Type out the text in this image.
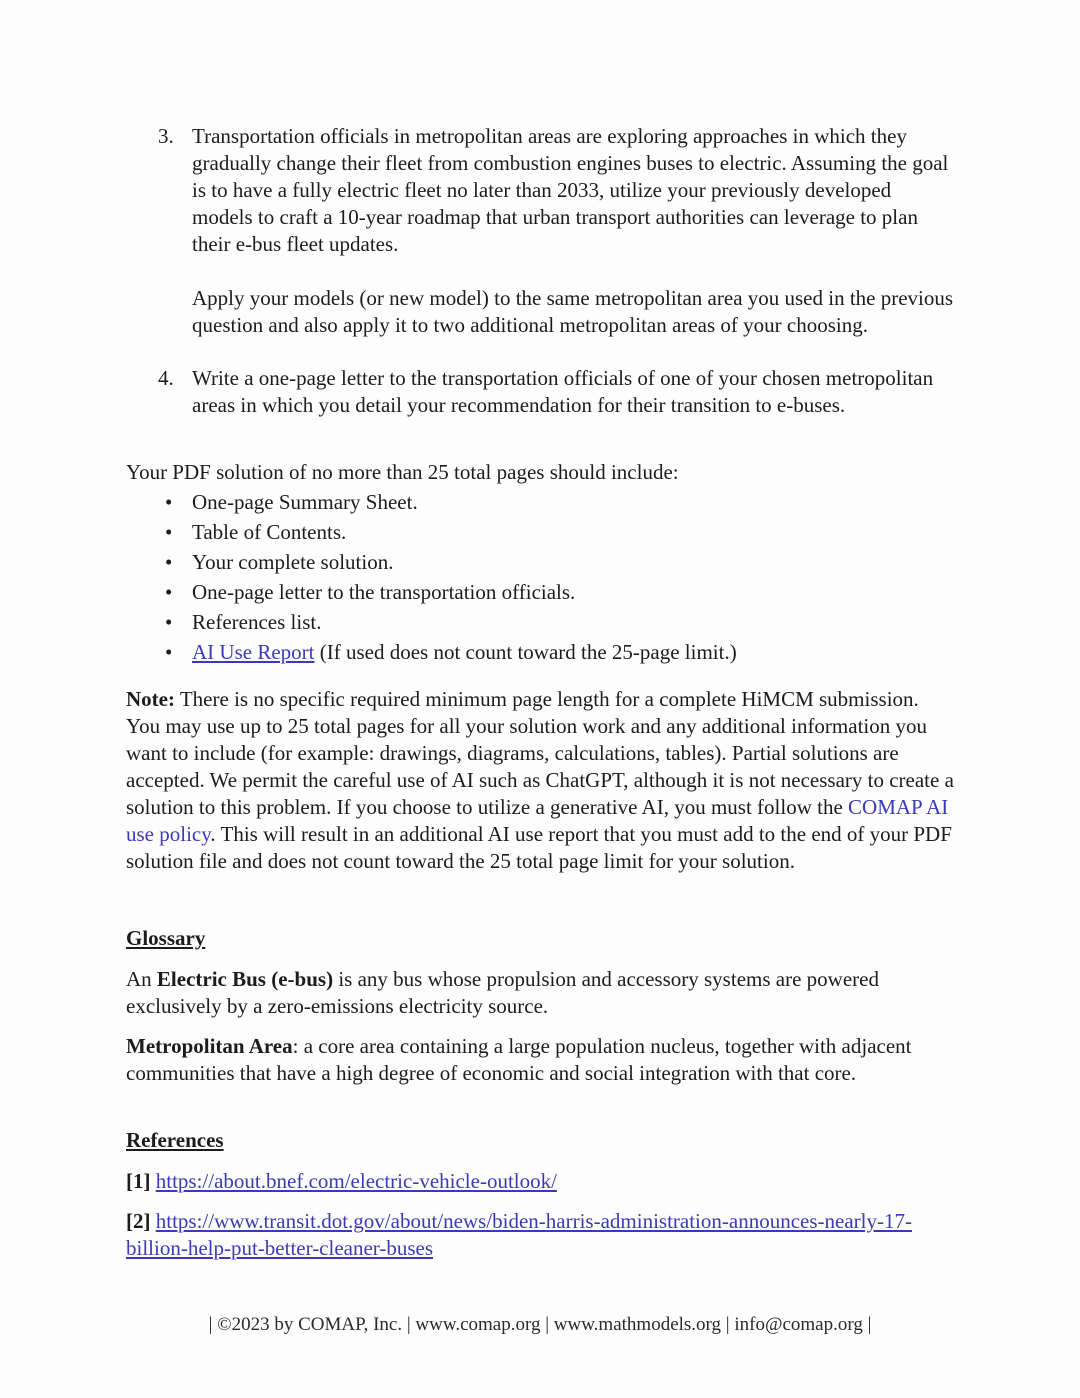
3. Transportation officials in metropolitan areas are exploring approaches in which they gradually change their fleet from combustion engines buses to electric. Assuming the goal is to have a fully electric fleet no later than 2033, utilize your previously developed models to craft a 10-year roadmap that urban transport authorities can leverage to plan their e-bus fleet updates.

Apply your models (or new model) to the same metropolitan area you used in the previous question and also apply it to two additional metropolitan areas of your choosing.

4. Write a one-page letter to the transportation officials of one of your chosen metropolitan areas in which you detail your recommendation for their transition to e-buses.

Your PDF solution of no more than 25 total pages should include:

•
One-page Summary Sheet.
•
Table of Contents.
•
Your complete solution.
•
One-page letter to the transportation officials.
•
References list.
•
AI Use Report (If used does not count toward the 25-page limit.)

Note: There is no specific required minimum page length for a complete HiMCM submission. You may use up to 25 total pages for all your solution work and any additional information you want to include (for example: drawings, diagrams, calculations, tables). Partial solutions are accepted. We permit the careful use of AI such as ChatGPT, although it is not necessary to create a solution to this problem. If you choose to utilize a generative AI, you must follow the COMAP AI use policy. This will result in an additional AI use report that you must add to the end of your PDF solution file and does not count toward the 25 total page limit for your solution.

Glossary

An Electric Bus (e-bus) is any bus whose propulsion and accessory systems are powered exclusively by a zero-emissions electricity source.

Metropolitan Area: a core area containing a large population nucleus, together with adjacent communities that have a high degree of economic and social integration with that core.

References

[1] https://about.bnef.com/electric-vehicle-outlook/

[2] https://www.transit.dot.gov/about/news/biden-harris-administration-announces-nearly-17-billion-help-put-better-cleaner-buses

| ©2023 by COMAP, Inc. | www.comap.org | www.mathmodels.org | info@comap.org |
